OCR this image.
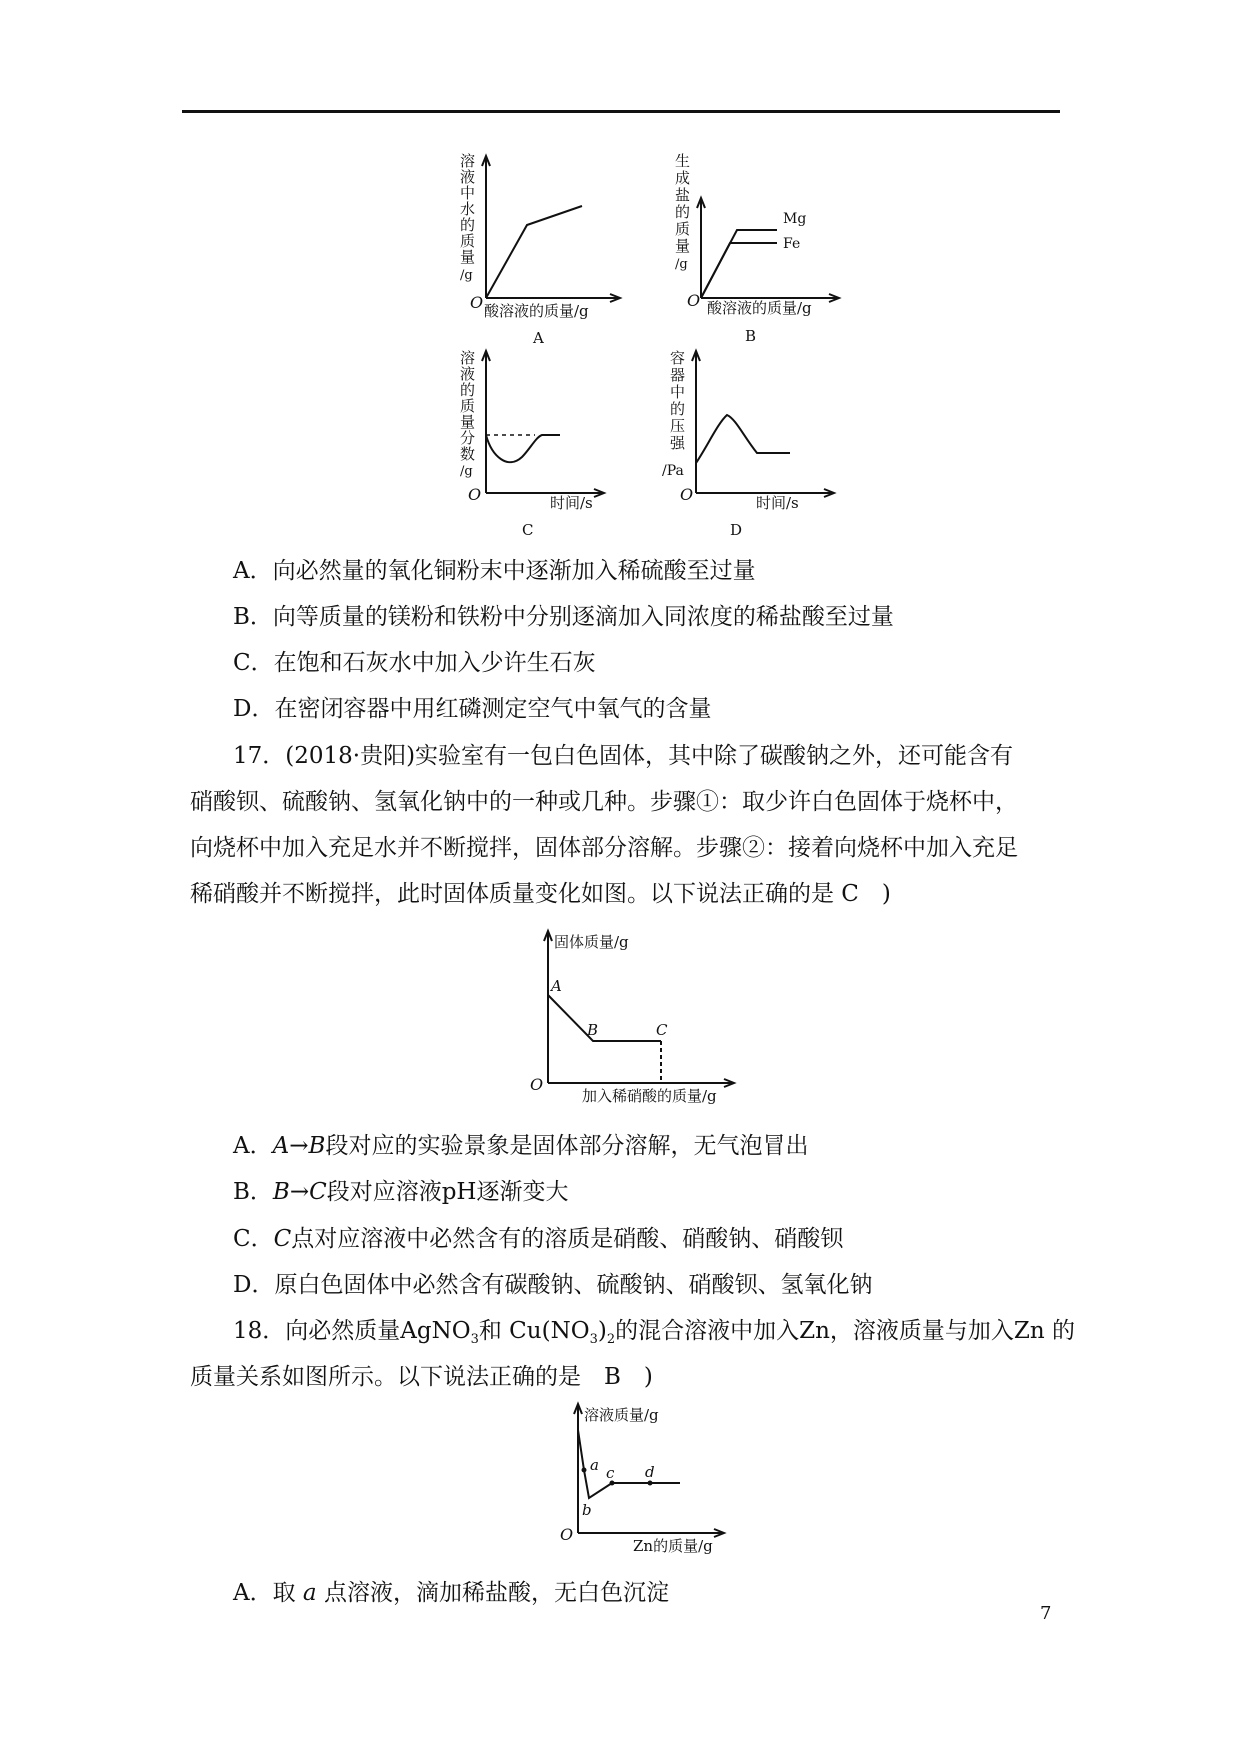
溶
液
中
水
的
质
量
/g
O 酸溶液的质量/g
A
生
成
盐
的
质
量
/g
Mg
Fe
O 酸溶液的质量/g
B
溶
液
的
质
量
分
数
/g
O	时间/s
C
容
器
中
的
压
强
/Pa
O	时间/s
D
A．向必然量的氧化铜粉末中逐渐加入稀硫酸至过量
B．向等质量的镁粉和铁粉中分别逐滴加入同浓度的稀盐酸至过量
C．在饱和石灰水中加入少许生石灰
D．在密闭容器中用红磷测定空气中氧气的含量
17．(2018·贵阳)实验室有一包白色固体，其中除了碳酸钠之外，还可能含有
硝酸钡、硫酸钠、氢氧化钠中的一种或几种。步骤①：取少许白色固体于烧杯中，
向烧杯中加入充足水并不断搅拌，固体部分溶解。步骤②：接着向烧杯中加入充足
稀硝酸并不断搅拌，此时固体质量变化如图。以下说法正确的是 C　)
固体质量/g
A
B	C
O
加入稀硝酸的质量/g
A．A→B段对应的实验景象是固体部分溶解，无气泡冒出
B．B→C段对应溶液pH逐渐变大
C．C点对应溶液中必然含有的溶质是硝酸、硝酸钠、硝酸钡
D．原白色固体中必然含有碳酸钠、硫酸钠、硝酸钡、氢氧化钠
18．向必然质量AgNO$_3$和 $Cu(NO_3)_2$的混合溶液中加入Zn，溶液质量与加入Zn 的
质量关系如图所示。以下说法正确的是　B　)
溶液质量/g
a
b
c d
O
Zn的质量/g
A．取 a 点溶液，滴加稀盐酸，无白色沉淀
7
